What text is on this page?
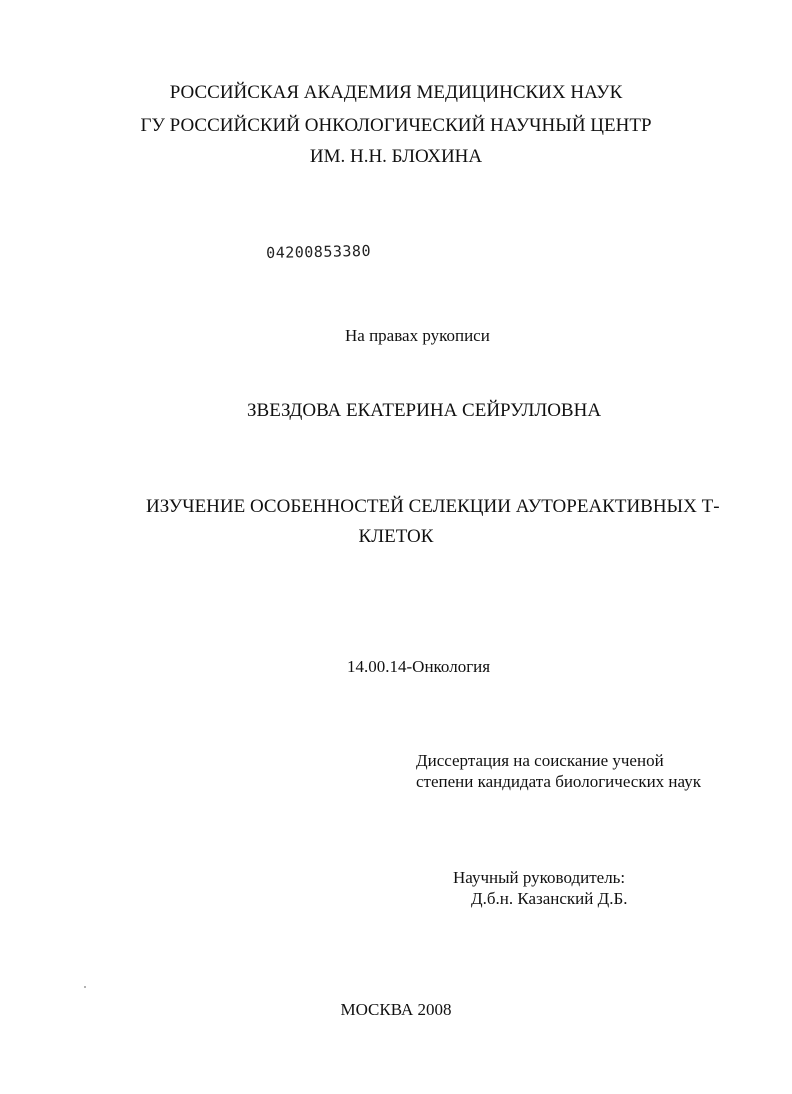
РОССИЙСКАЯ АКАДЕМИЯ МЕДИЦИНСКИХ НАУК
ГУ РОССИЙСКИЙ ОНКОЛОГИЧЕСКИЙ НАУЧНЫЙ ЦЕНТР
ИМ. Н.Н. БЛОХИНА
04200853380
На правах рукописи
ЗВЕЗДОВА ЕКАТЕРИНА СЕЙРУЛЛОВНА
ИЗУЧЕНИЕ ОСОБЕННОСТЕЙ СЕЛЕКЦИИ АУТОРЕАКТИВНЫХ Т-
КЛЕТОК
14.00.14-Онкология
Диссертация на соискание ученой
степени кандидата биологических наук
Научный руководитель:
Д.б.н. Казанский Д.Б.
МОСКВА 2008
